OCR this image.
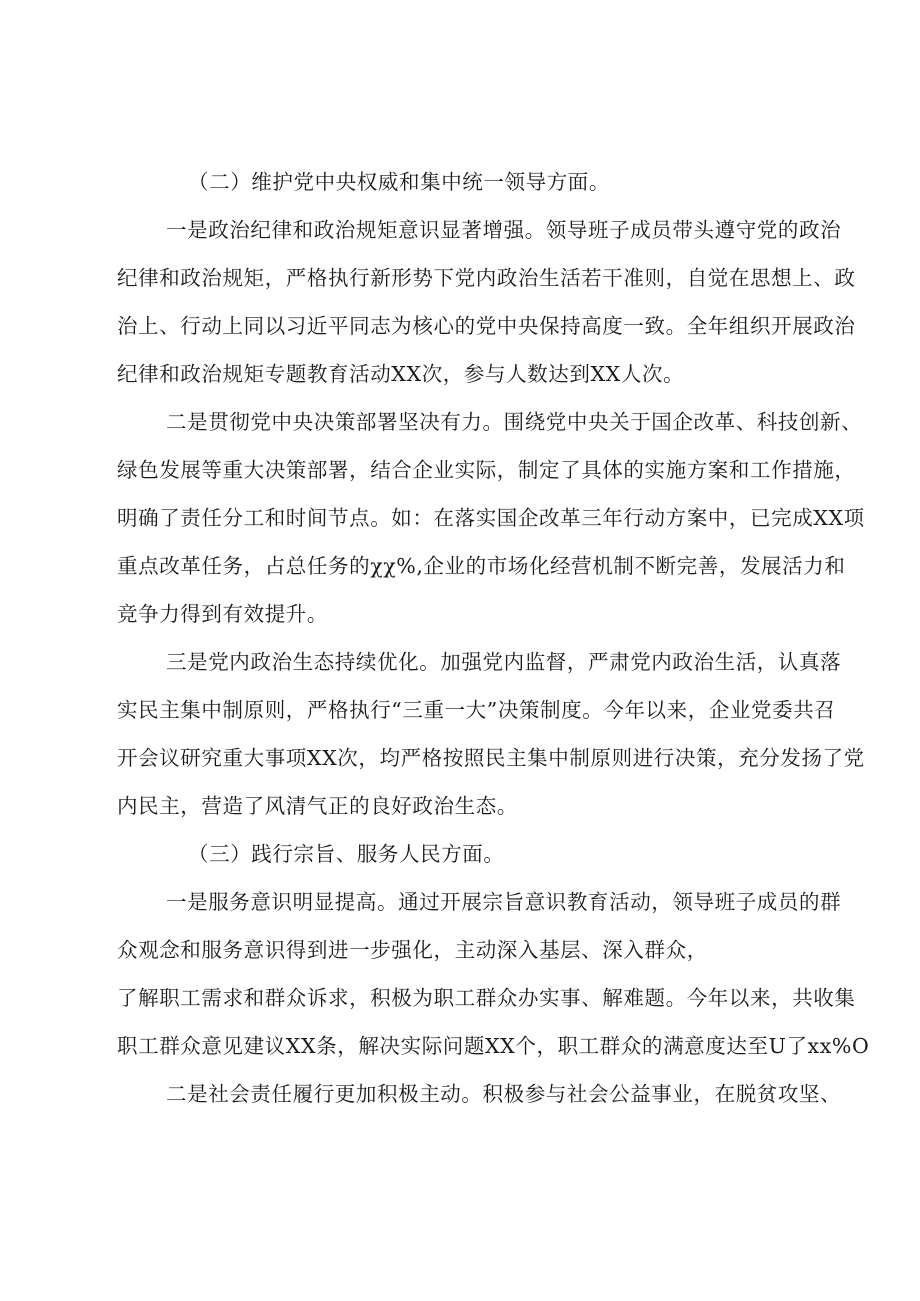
（二）维护党中央权威和集中统一领导方面。
一是政治纪律和政治规矩意识显著增强。领导班子成员带头遵守党的政治
纪律和政治规矩，严格执行新形势下党内政治生活若干准则，自觉在思想上、政
治上、行动上同以习近平同志为核心的党中央保持高度一致。全年组织开展政治
纪律和政治规矩专题教育活动XX次，参与人数达到XX人次。
二是贯彻党中央决策部署坚决有力。围绕党中央关于国企改革、科技创新、
绿色发展等重大决策部署，结合企业实际，制定了具体的实施方案和工作措施，
明确了责任分工和时间节点。如：在落实国企改革三年行动方案中，已完成XX项
重点改革任务，占总任务的χχ%,企业的市场化经营机制不断完善，发展活力和
竞争力得到有效提升。
三是党内政治生态持续优化。加强党内监督，严肃党内政治生活，认真落
实民主集中制原则，严格执行“三重一大”决策制度。今年以来，企业党委共召
开会议研究重大事项XX次，均严格按照民主集中制原则进行决策，充分发扬了党
内民主，营造了风清气正的良好政治生态。
（三）践行宗旨、服务人民方面。
一是服务意识明显提高。通过开展宗旨意识教育活动，领导班子成员的群
众观念和服务意识得到进一步强化，主动深入基层、深入群众，
了解职工需求和群众诉求，积极为职工群众办实事、解难题。今年以来，共收集
职工群众意见建议XX条，解决实际问题XX个，职工群众的满意度达至U了xx%O
二是社会责任履行更加积极主动。积极参与社会公益事业，在脱贫攻坚、
